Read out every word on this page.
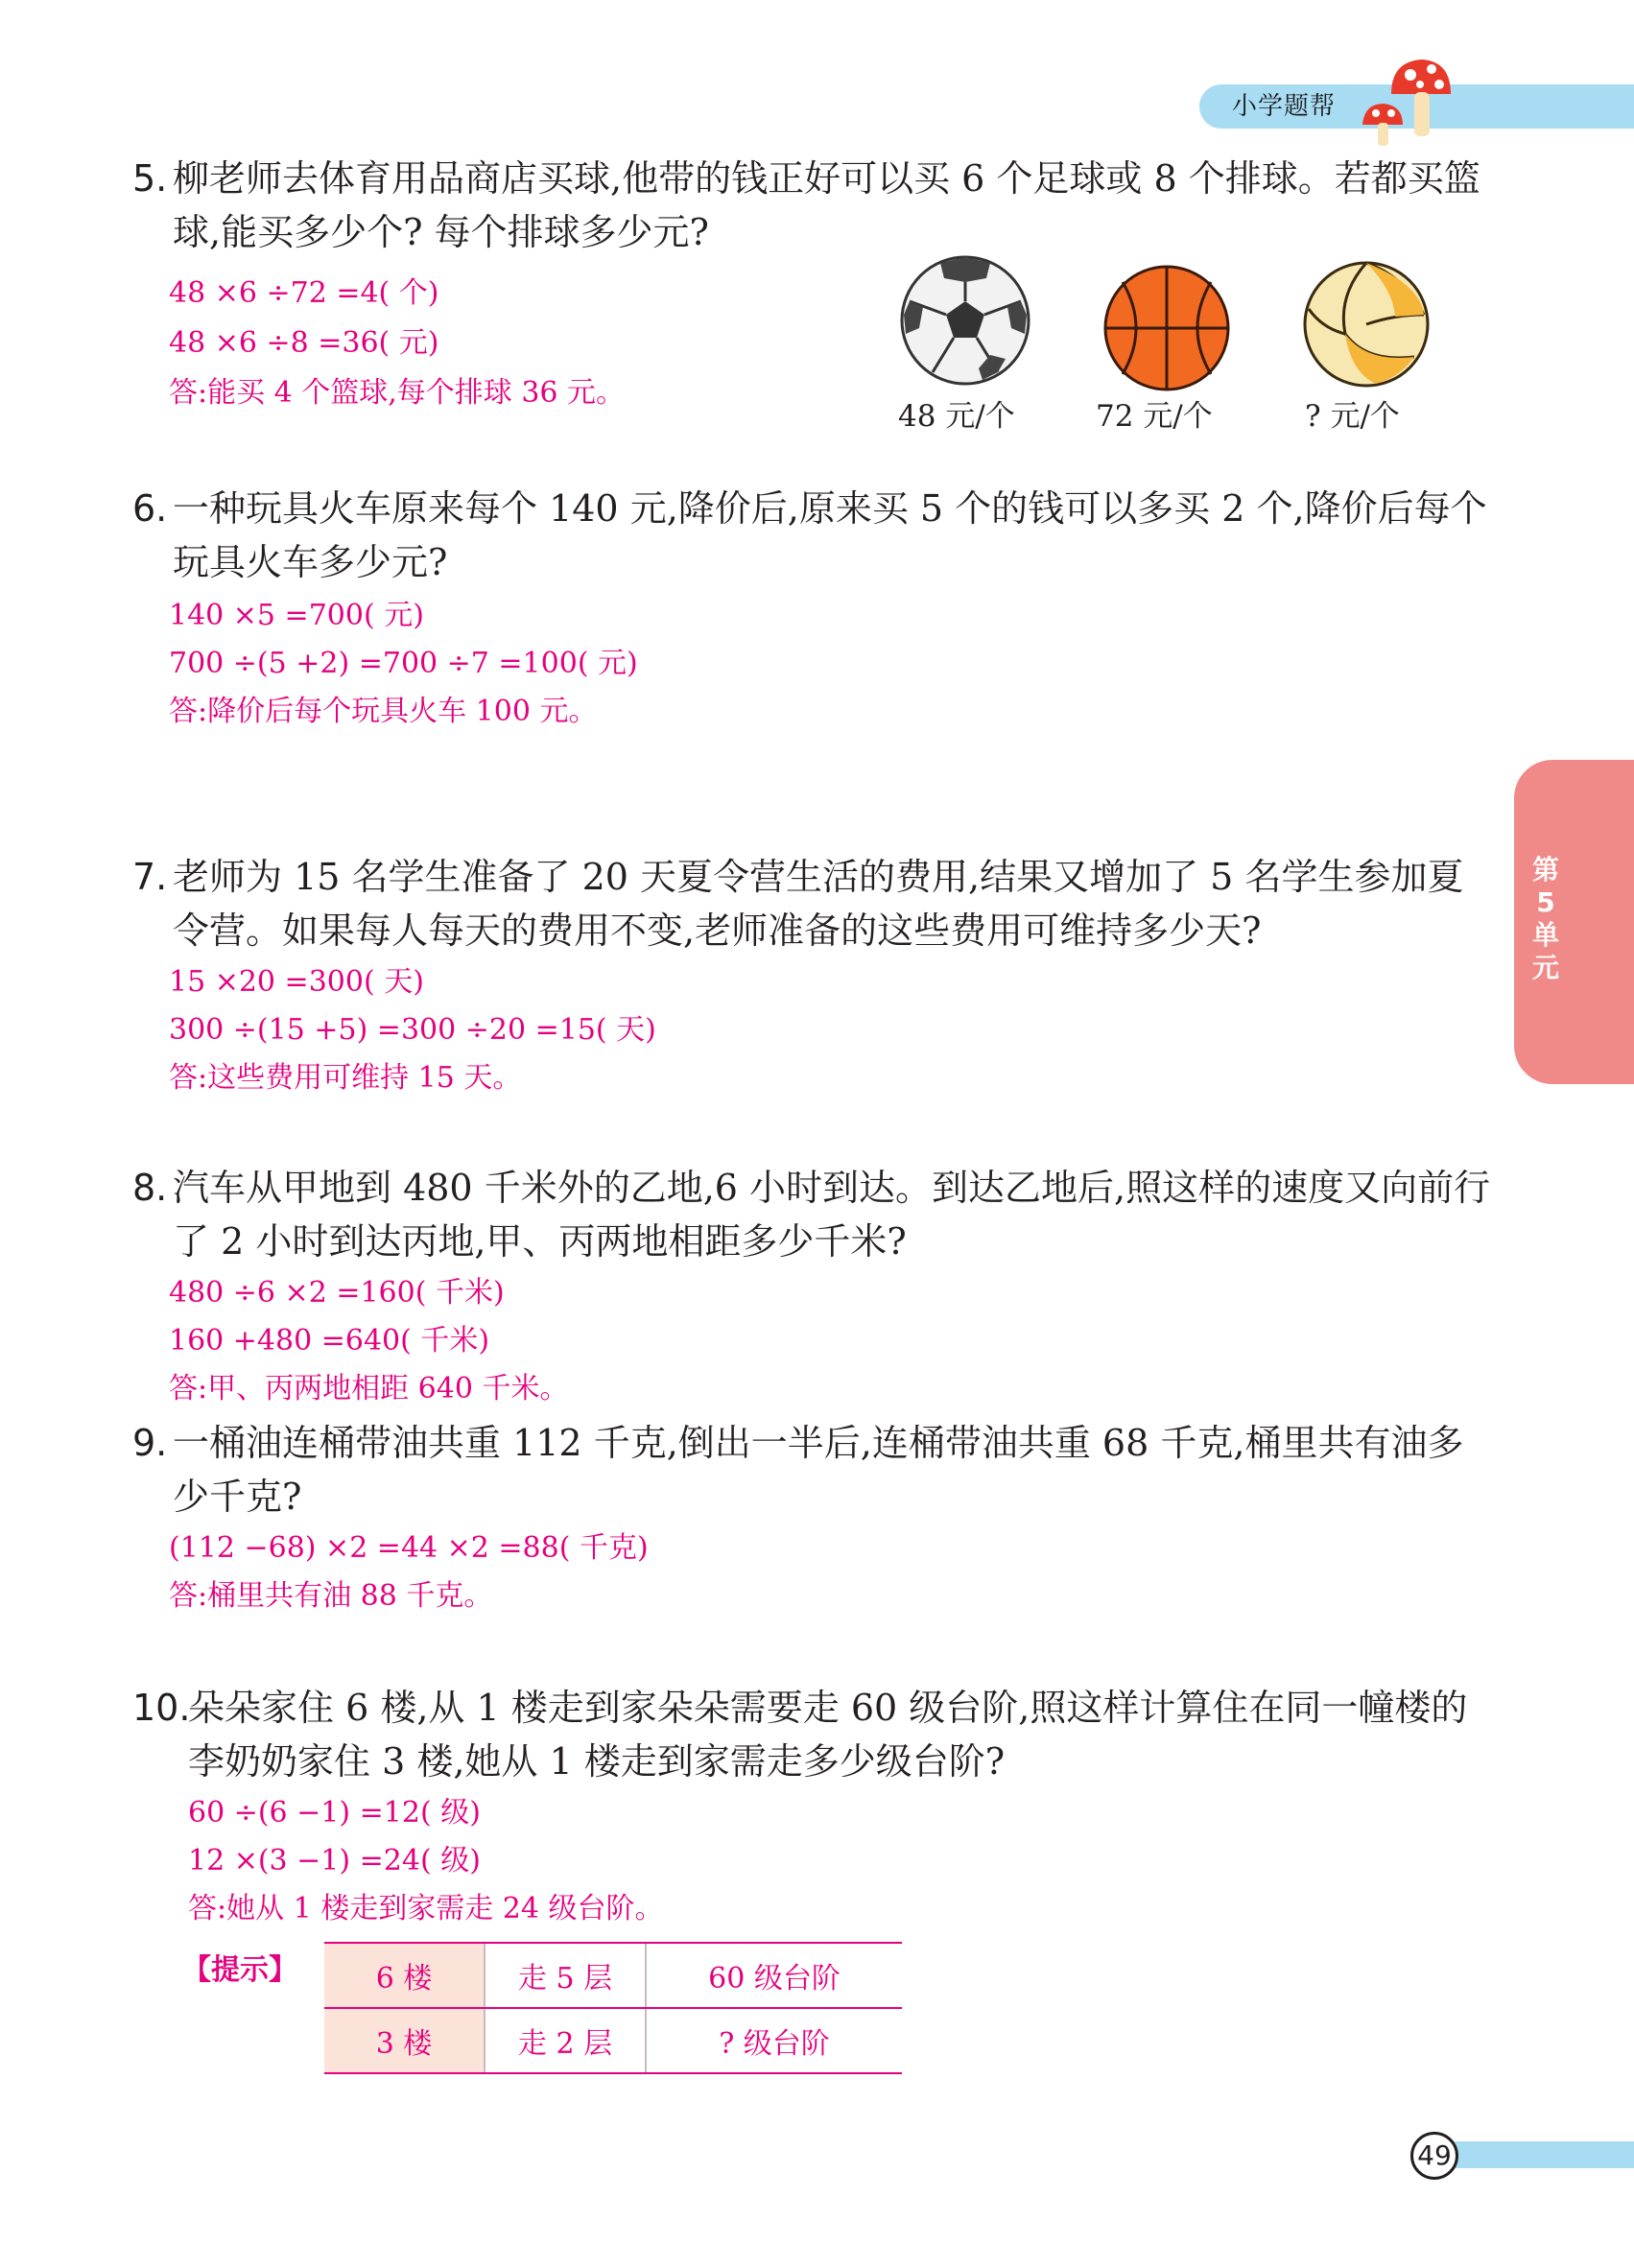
小学题帮
第
5
单
元
5. 柳老师去体育用品商店买球,他带的钱正好可以买 6 个足球或 8 个排球。若都买篮球,能买多少个? 每个排球多少元?
48 ×6 ÷72 =4( 个)
48 ×6 ÷8 =36( 元)
答:能买 4 个篮球,每个排球 36 元。
48 元/个	72 元/个	? 元/个
6. 一种玩具火车原来每个 140 元,降价后,原来买 5 个的钱可以多买 2 个,降价后每个玩具火车多少元?
140 ×5 =700( 元)
700 ÷(5 +2) =700 ÷7 =100( 元)
答:降价后每个玩具火车 100 元。
7. 老师为 15 名学生准备了 20 天夏令营生活的费用,结果又增加了 5 名学生参加夏令营。如果每人每天的费用不变,老师准备的这些费用可维持多少天?
15 ×20 =300( 天)
300 ÷(15 +5) =300 ÷20 =15( 天)
答:这些费用可维持 15 天。
8. 汽车从甲地到 480 千米外的乙地,6 小时到达。到达乙地后,照这样的速度又向前行了 2 小时到达丙地,甲、丙两地相距多少千米?
480 ÷6 ×2 =160( 千米)
160 +480 =640( 千米)
答:甲、丙两地相距 640 千米。
9. 一桶油连桶带油共重 112 千克,倒出一半后,连桶带油共重 68 千克,桶里共有油多少千克?
(112 −68) ×2 =44 ×2 =88( 千克)
答:桶里共有油 88 千克。
10.
朵朵家住 6 楼,从 1 楼走到家朵朵需要走 60 级台阶,照这样计算住在同一幢楼的李奶奶家住 3 楼,她从 1 楼走到家需走多少级台阶?
60 ÷(6 −1) =12( 级)
12 ×(3 −1) =24( 级)
答:她从 1 楼走到家需走 24 级台阶。
【提示】	6 楼	走 5 层	60 级台阶
3 楼	走 2 层	? 级台阶
49
